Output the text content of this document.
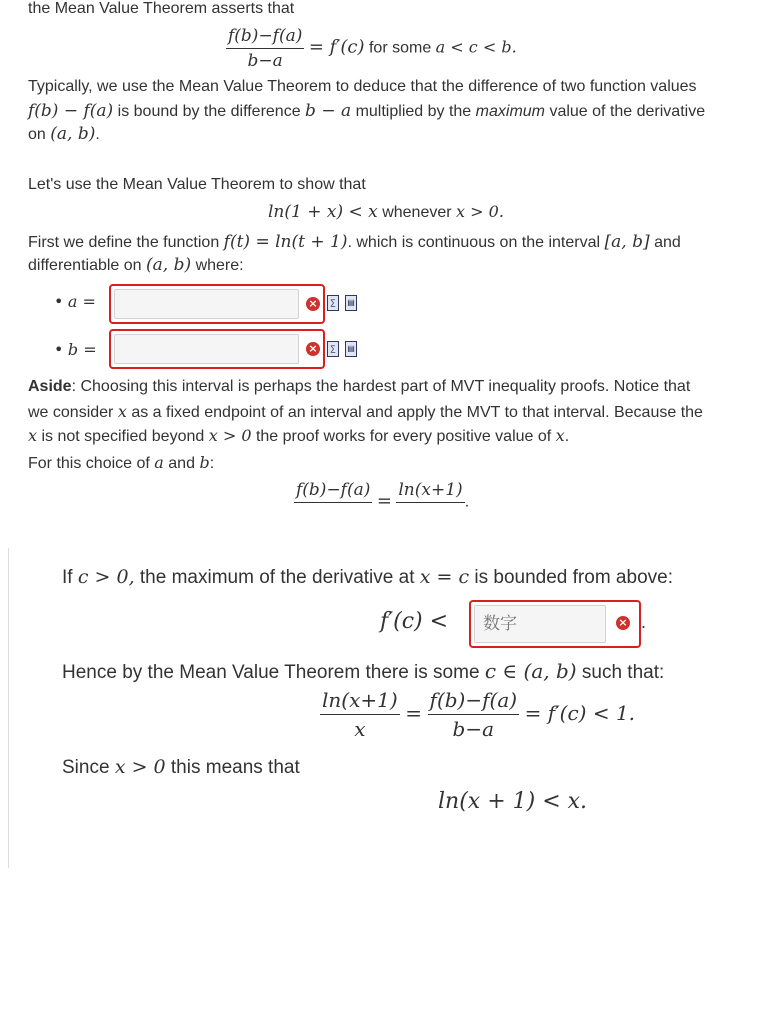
the Mean Value Theorem asserts that
$\frac{f(b)-f(a)}{b-a} = f'(c)$ for some a < c < b.
Typically, we use the Mean Value Theorem to deduce that the difference of two function values
f(b) − f(a) is bound by the difference b − a multiplied by the maximum value of the derivative
on (a, b).
Let's use the Mean Value Theorem to show that
ln(1 + x) < x whenever x > 0.
First we define the function f(t) = ln(t + 1). which is continuous on the interval [a, b] and
differentiable on (a, b) where:
• a =	×	∑	▤
• b =	×	∑	▤
Aside: Choosing this interval is perhaps the hardest part of MVT inequality proofs. Notice that
we consider x as a fixed endpoint of an interval and apply the MVT to that interval. Because the
x is not specified beyond x > 0 the proof works for every positive value of x.
For this choice of a and b:
f(b)−f(a)

=
ln(x+1)

.
If c > 0, the maximum of the derivative at x = c is bounded from above:
f′(c) <
数字	× .
Hence by the Mean Value Theorem there is some c ∈ (a, b) such that:
$\frac{\ln(x+1)}{x} = \frac{f(b)-f(a)}{b-a} = f'(c) < 1$.
Since x > 0 this means that
ln(x + 1) < x.
